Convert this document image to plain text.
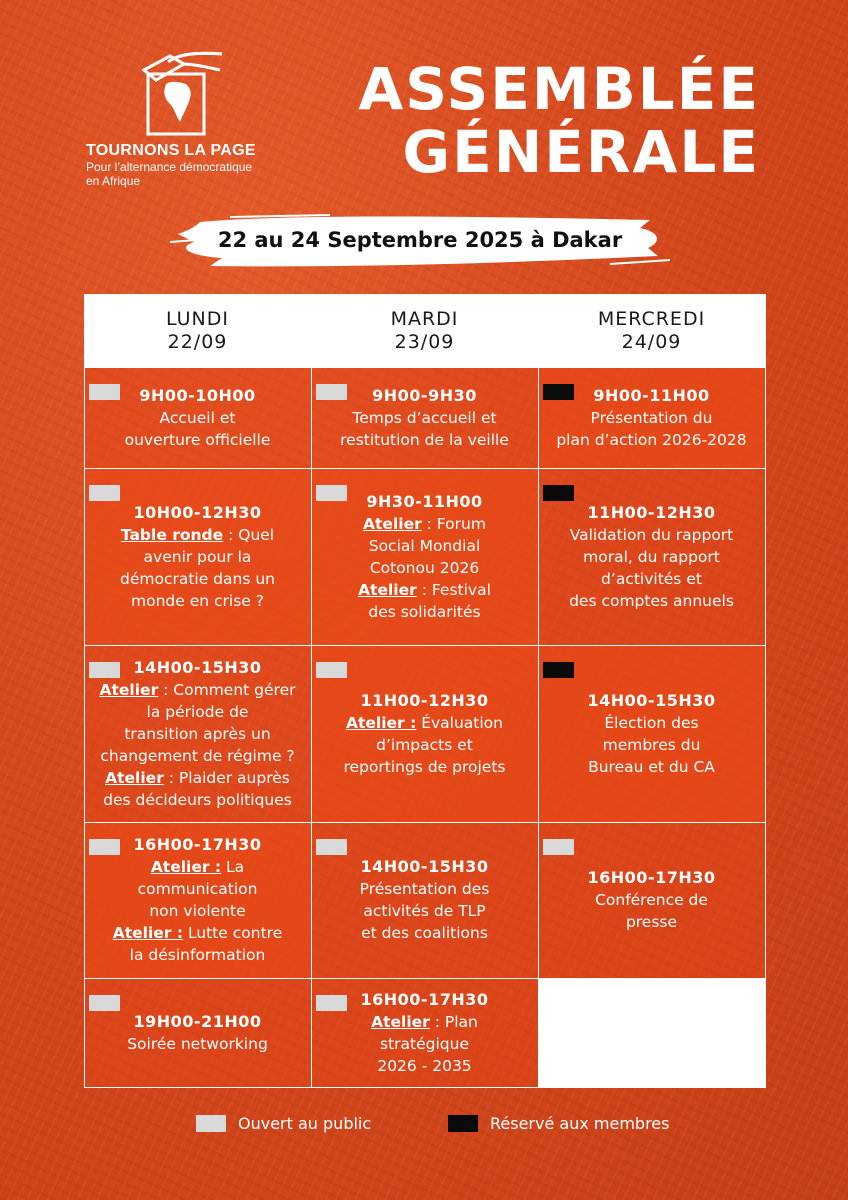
TOURNONS LA PAGE
Pour l’alternance démocratique
en Afrique
ASSEMBLÉE
GÉNÉRALE
22 au 24 Septembre 2025 à Dakar
LUNDI
22/09
MARDI
23/09
MERCREDI
24/09
9H00-10H00
Accueil et
ouverture officielle
9H00-9H30
Temps d’accueil et
restitution de la veille
9H00-11H00
Présentation du
plan d’action 2026-2028
10H00-12H30
Table ronde : Quel
avenir pour la
démocratie dans un
monde en crise ?
9H30-11H00
Atelier : Forum
Social Mondial
Cotonou 2026
Atelier : Festival
des solidarités
11H00-12H30
Validation du rapport
moral, du rapport
d’activités et
des comptes annuels
14H00-15H30
Atelier : Comment gérer
la période de
transition après un
changement de régime ?
Atelier : Plaider auprès
des décideurs politiques
11H00-12H30
Atelier : Évaluation
d’impacts et
reportings de projets
14H00-15H30
Élection des
membres du
Bureau et du CA
16H00-17H30
Atelier : La
communication
non violente
Atelier : Lutte contre
la désinformation
14H00-15H30
Présentation des
activités de TLP
et des coalitions
16H00-17H30
Conférence de
presse
19H00-21H00
Soirée networking
16H00-17H30
Atelier : Plan
stratégique
2026 - 2035
Ouvert au public	Réservé aux membres
